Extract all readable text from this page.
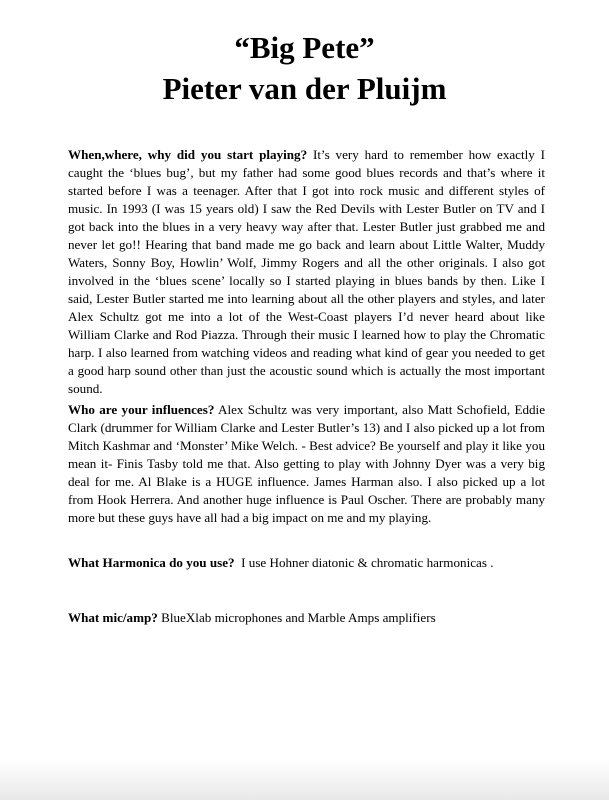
“Big Pete”
Pieter van der Pluijm

When,where, why did you start playing? It’s very hard to remember how exactly I caught the ‘blues bug’, but my father had some good blues records and that’s where it started before I was a teenager. After that I got into rock music and different styles of music. In 1993 (I was 15 years old) I saw the Red Devils with Lester Butler on TV and I got back into the blues in a very heavy way after that. Lester Butler just grabbed me and never let go!! Hearing that band made me go back and learn about Little Walter, Muddy Waters, Sonny Boy, Howlin’ Wolf, Jimmy Rogers and all the other originals. I also got involved in the ‘blues scene’ locally so I started playing in blues bands by then. Like I said, Lester Butler started me into learning about all the other players and styles, and later Alex Schultz got me into a lot of the West-Coast players I’d never heard about like William Clarke and Rod Piazza. Through their music I learned how to play the Chromatic harp. I also learned from watching videos and reading what kind of gear you needed to get a good harp sound other than just the acoustic sound which is actually the most important sound.

Who are your influences? Alex Schultz was very important, also Matt Schofield, Eddie Clark (drummer for William Clarke and Lester Butler’s 13) and I also picked up a lot from Mitch Kashmar and ‘Monster’ Mike Welch. - Best advice? Be yourself and play it like you mean it- Finis Tasby told me that. Also getting to play with Johnny Dyer was a very big deal for me. Al Blake is a HUGE influence. James Harman also. I also picked up a lot from Hook Herrera. And another huge influence is Paul Oscher. There are probably many more but these guys have all had a big impact on me and my playing.

What Harmonica do you use? I use Hohner diatonic & chromatic harmonicas .

What mic/amp? BlueXlab microphones and Marble Amps amplifiers
